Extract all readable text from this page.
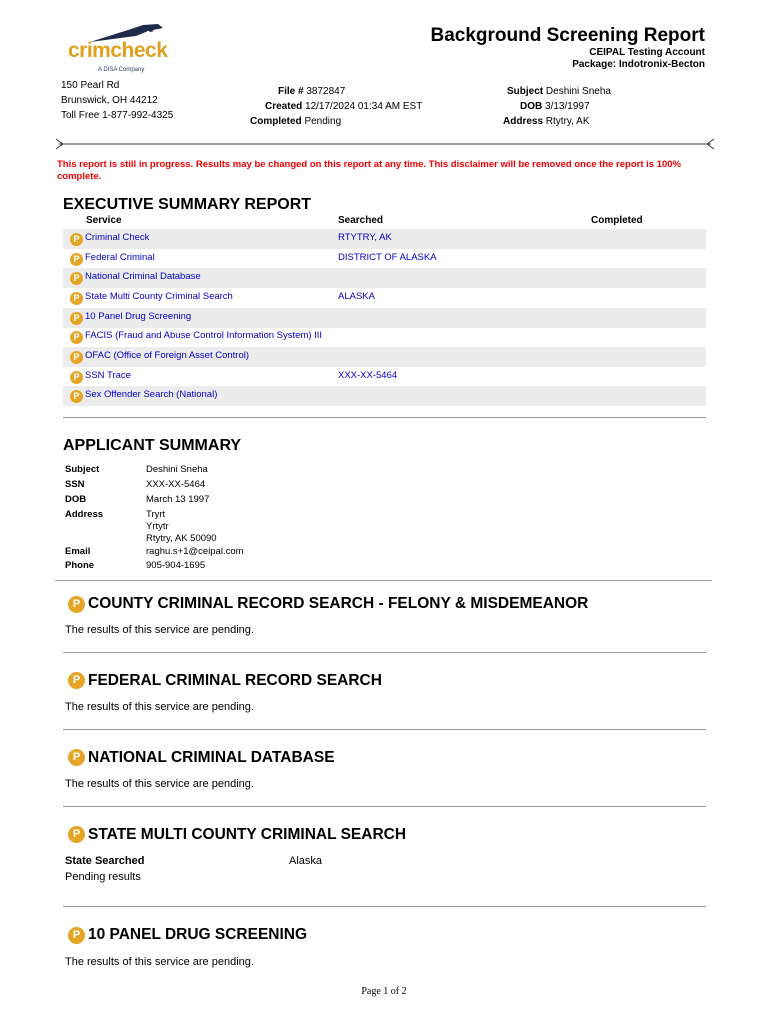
crimcheck
A DISA Company
150 Pearl Rd
Brunswick, OH 44212
Toll Free 1-877-992-4325
Background Screening Report
CEIPAL Testing Account
Package: Indotronix-Becton
File # 3872847
Created 12/17/2024 01:34 AM EST
Completed Pending
Subject Deshini Sneha
DOB 3/13/1997
Address Rtytry, AK
This report is still in progress. Results may be changed on this report at any time. This disclaimer will be removed once the report is 100% complete.
EXECUTIVE SUMMARY REPORT
Service	Searched	Completed
P Criminal Check	RTYTRY, AK
P Federal Criminal	DISTRICT OF ALASKA
P National Criminal Database
P State Multi County Criminal Search	ALASKA
P 10 Panel Drug Screening
P FACIS (Fraud and Abuse Control Information System) III
P OFAC (Office of Foreign Asset Control)
P SSN Trace	XXX-XX-5464
P Sex Offender Search (National)
APPLICANT SUMMARY
Subject	Deshini Sneha
SSN	XXX-XX-5464
DOB	March 13 1997
Address	Tryrt
Yrtytr
Rtytry, AK 50090
Email	raghu.s+1@ceipal.com
Phone	905-904-1695
P COUNTY CRIMINAL RECORD SEARCH - FELONY & MISDEMEANOR
The results of this service are pending.
P FEDERAL CRIMINAL RECORD SEARCH
The results of this service are pending.
P NATIONAL CRIMINAL DATABASE
The results of this service are pending.
P STATE MULTI COUNTY CRIMINAL SEARCH
State Searched	Alaska
Pending results
P 10 PANEL DRUG SCREENING
The results of this service are pending.
Page 1 of 2
